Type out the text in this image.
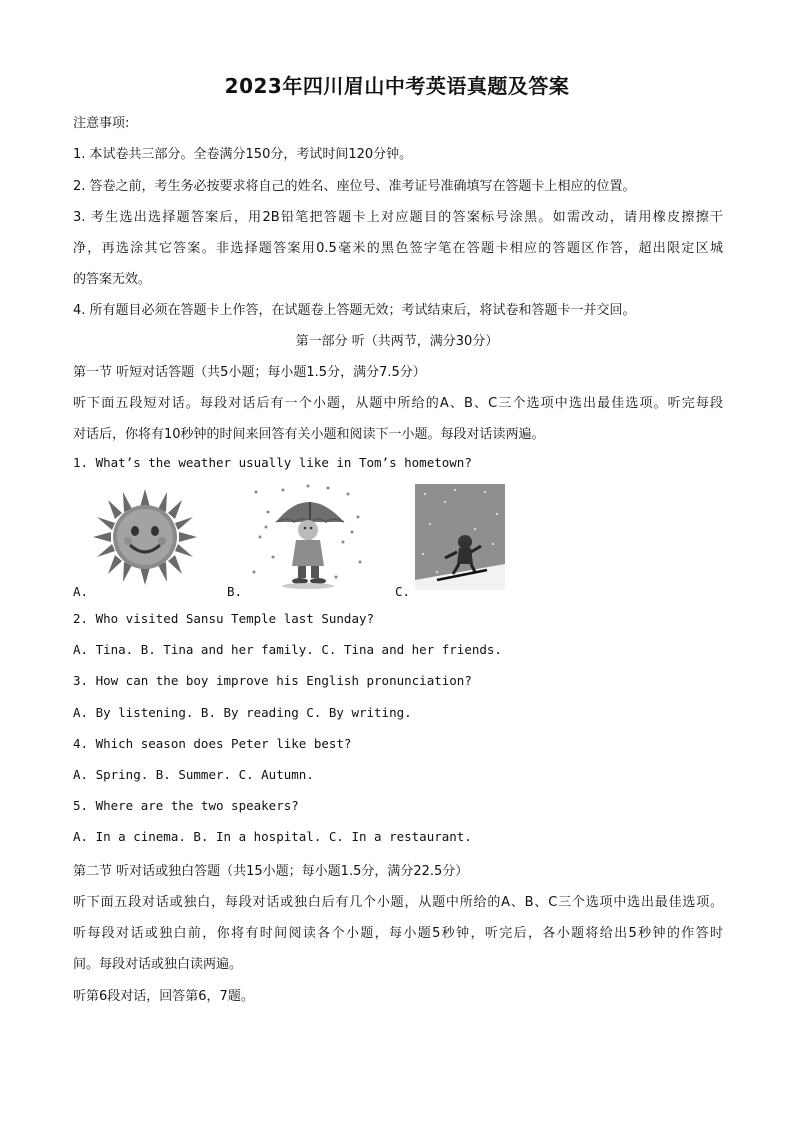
2023年四川眉山中考英语真题及答案
注意事项:
1. 本试卷共三部分。全卷满分150分，考试时间120分钟。
2. 答卷之前，考生务必按要求将自己的姓名、座位号、准考证号准确填写在答题卡上相应的位置。
3. 考生选出选择题答案后，用2B铅笔把答题卡上对应题目的答案标号涂黑。如需改动，请用橡皮擦擦干
净，再选涂其它答案。非选择题答案用0.5毫米的黑色签字笔在答题卡相应的答题区作答，超出限定区城
的答案无效。
4. 所有题目必须在答题卡上作答，在试题卷上答题无效；考试结束后，将试卷和答题卡一并交回。
第一部分 听（共两节，满分30分）
第一节 听短对话答题（共5小题；每小题1.5分，满分7.5分）
听下面五段短对话。每段对话后有一个小题，从题中所给的A、B、C三个选项中选出最佳选项。听完每段
对话后，你将有10秒钟的时间来回答有关小题和阅读下一小题。每段对话读两遍。
1. What’s the weather usually like in Tom’s hometown?
A.	B.	C.
2. Who visited Sansu Temple last Sunday?
A. Tina. B. Tina and her family. C. Tina and her friends.
3. How can the boy improve his English pronunciation?
A. By listening. B. By reading C. By writing.
4. Which season does Peter like best?
A. Spring. B. Summer. C. Autumn.
5. Where are the two speakers?
A. In a cinema. B. In a hospital. C. In a restaurant.
第二节 听对话或独白答题（共15小题；每小题1.5分，满分22.5分）
听下面五段对话或独白，每段对话或独白后有几个小题，从题中所给的A、B、C三个选项中选出最佳选项。
听每段对话或独白前，你将有时间阅读各个小题，每小题5秒钟，听完后，各小题将给出5秒钟的作答时
间。每段对话或独白读两遍。
听第6段对话，回答第6，7题。
